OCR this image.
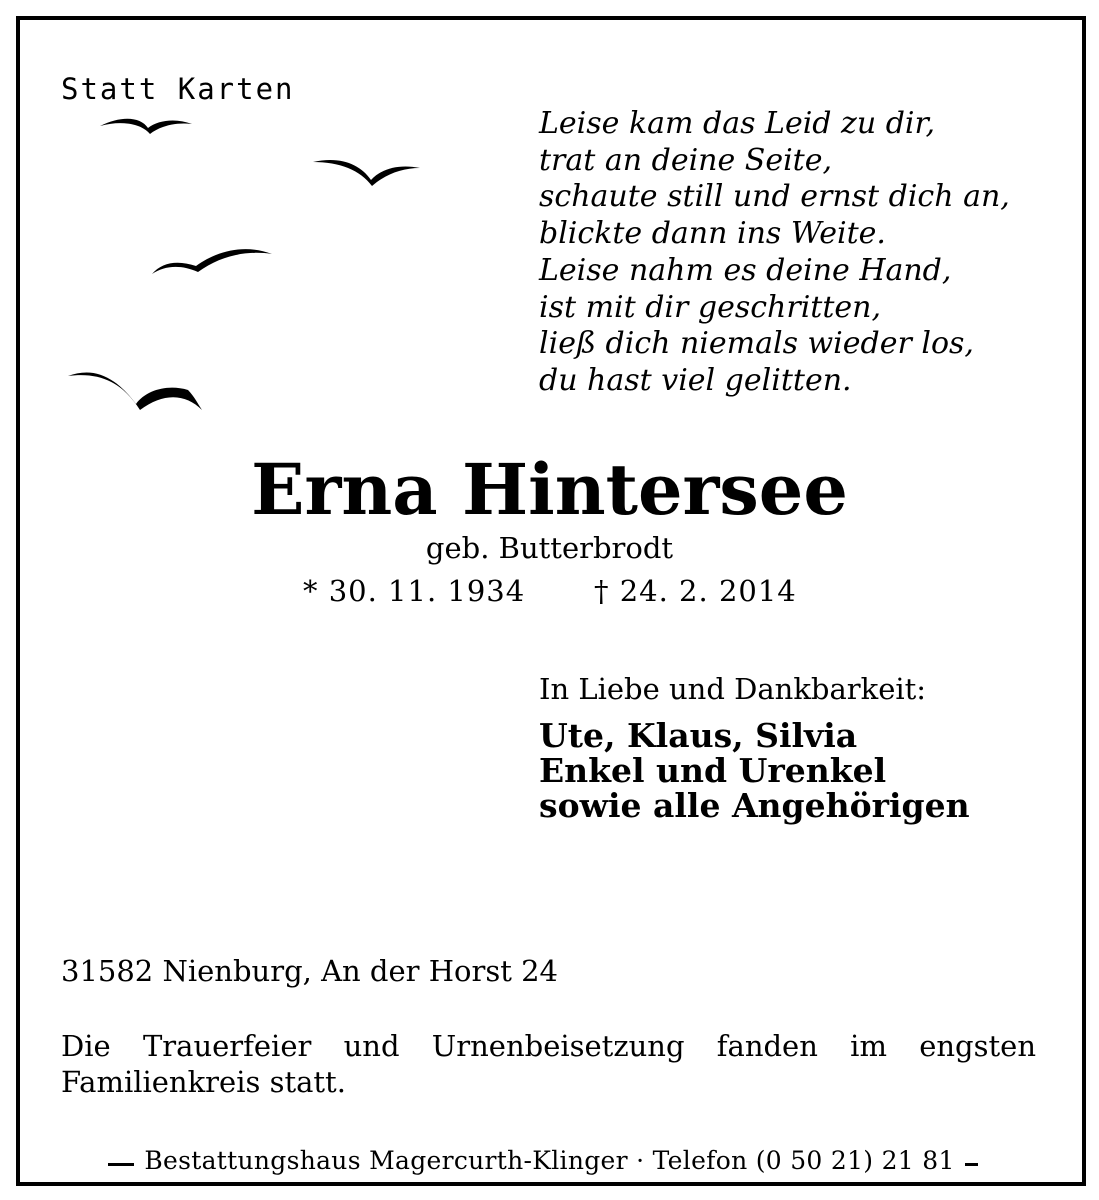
Statt Karten
Leise kam das Leid zu dir,
trat an deine Seite,
schaute still und ernst dich an,
blickte dann ins Weite.
Leise nahm es deine Hand,
ist mit dir geschritten,
ließ dich niemals wieder los,
du hast viel gelitten.
Erna Hintersee
geb. Butterbrodt
* 30. 11. 1934 † 24. 2. 2014
In Liebe und Dankbarkeit:
Ute, Klaus, Silvia
Enkel und Urenkel
sowie alle Angehörigen
31582 Nienburg, An der Horst 24
Die Trauerfeier und Urnenbeisetzung fanden im engsten Familienkreis statt.
Bestattungshaus Magercurth-Klinger · Telefon (0 50 21) 21 81
